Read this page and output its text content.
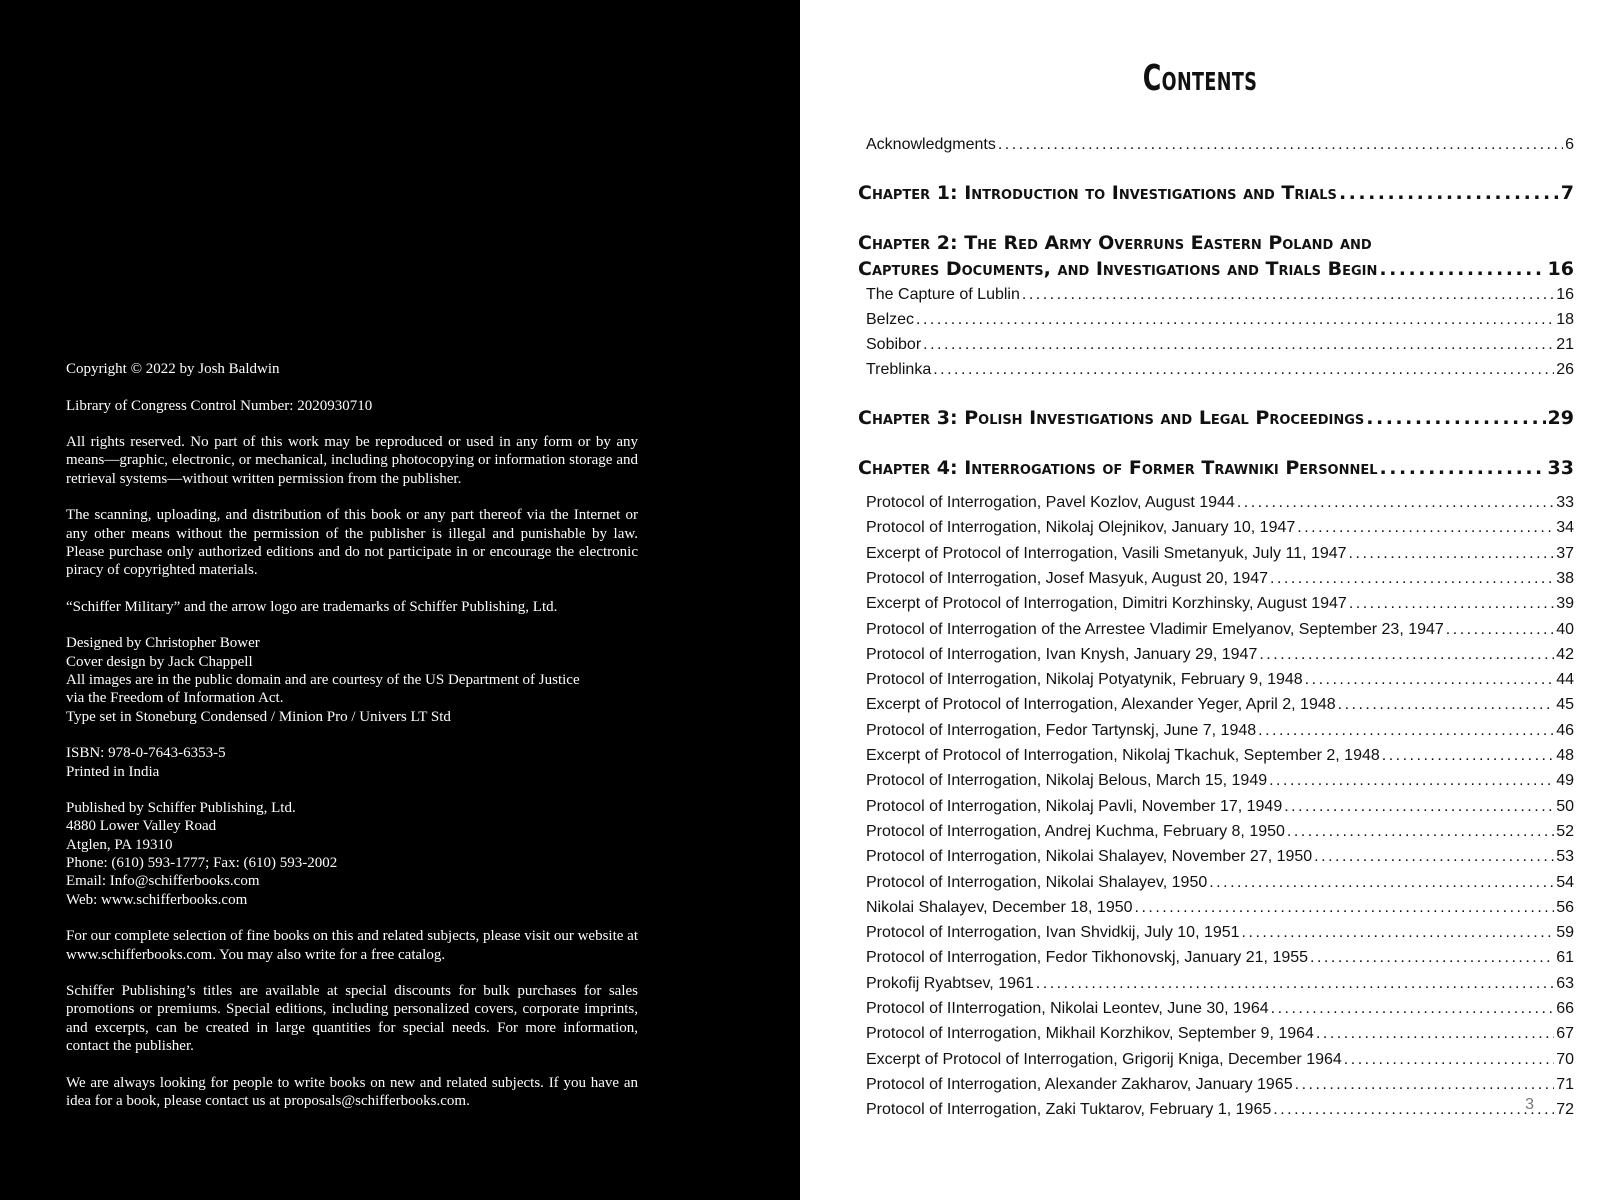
Copyright © 2022 by Josh Baldwin

Library of Congress Control Number: 2020930710

All rights reserved. No part of this work may be reproduced or used in any form or by any means—graphic, electronic, or mechanical, including photocopying or information storage and retrieval systems—without written permission from the publisher.

The scanning, uploading, and distribution of this book or any part thereof via the Internet or any other means without the permission of the publisher is illegal and punishable by law. Please purchase only authorized editions and do not participate in or encourage the electronic piracy of copyrighted materials.

“Schiffer Military” and the arrow logo are trademarks of Schiffer Publishing, Ltd.

Designed by Christopher Bower
Cover design by Jack Chappell
All images are in the public domain and are courtesy of the US Department of Justice
via the Freedom of Information Act.
Type set in Stoneburg Condensed / Minion Pro / Univers LT Std

ISBN: 978-0-7643-6353-5
Printed in India

Published by Schiffer Publishing, Ltd.
4880 Lower Valley Road
Atglen, PA 19310
Phone: (610) 593-1777; Fax: (610) 593-2002
Email: Info@schifferbooks.com
Web: www.schifferbooks.com

For our complete selection of fine books on this and related subjects, please visit our website at www.schifferbooks.com. You may also write for a free catalog.

Schiffer Publishing’s titles are available at special discounts for bulk purchases for sales promotions or premiums. Special editions, including personalized covers, corporate imprints, and excerpts, can be created in large quantities for special needs. For more information, contact the publisher.

We are always looking for people to write books on new and related subjects. If you have an idea for a book, please contact us at proposals@schifferbooks.com.

Contents
Acknowledgments .....	6
Chapter 1: Introduction to Investigations and Trials .....	7
Chapter 2: The Red Army Overruns Eastern Poland and
Captures Documents, and Investigations and Trials Begin .....	16
The Capture of Lublin .....	16
Belzec .....	18
Sobibor .....	21
Treblinka .....	26
Chapter 3: Polish Investigations and Legal Proceedings .....	29
Chapter 4: Interrogations of Former Trawniki Personnel .....	33
Protocol of Interrogation, Pavel Kozlov, August 1944 .....	33
Protocol of Interrogation, Nikolaj Olejnikov, January 10, 1947 .....	34
Excerpt of Protocol of Interrogation, Vasili Smetanyuk, July 11, 1947 .....	37
Protocol of Interrogation, Josef Masyuk, August 20, 1947 .....	38
Excerpt of Protocol of Interrogation, Dimitri Korzhinsky, August 1947 .....	39
Protocol of Interrogation of the Arrestee Vladimir Emelyanov, September 23, 1947 .....	40
Protocol of Interrogation, Ivan Knysh, January 29, 1947 .....	42
Protocol of Interrogation, Nikolaj Potyatynik, February 9, 1948 .....	44
Excerpt of Protocol of Interrogation, Alexander Yeger, April 2, 1948 .....	45
Protocol of Interrogation, Fedor Tartynskj, June 7, 1948 .....	46
Excerpt of Protocol of Interrogation, Nikolaj Tkachuk, September 2, 1948 .....	48
Protocol of Interrogation, Nikolaj Belous, March 15, 1949 .....	49
Protocol of Interrogation, Nikolaj Pavli, November 17, 1949 .....	50
Protocol of Interrogation, Andrej Kuchma, February 8, 1950 .....	52
Protocol of Interrogation, Nikolai Shalayev, November 27, 1950 .....	53
Protocol of Interrogation, Nikolai Shalayev, 1950 .....	54
Nikolai Shalayev, December 18, 1950 .....	56
Protocol of Interrogation, Ivan Shvidkij, July 10, 1951 .....	59
Protocol of Interrogation, Fedor Tikhonovskj, January 21, 1955 .....	61
Prokofij Ryabtsev, 1961 .....	63
Protocol of IInterrogation, Nikolai Leontev, June 30, 1964 .....	66
Protocol of Interrogation, Mikhail Korzhikov, September 9, 1964 .....	67
Excerpt of Protocol of Interrogation, Grigorij Kniga, December 1964 .....	70
Protocol of Interrogation, Alexander Zakharov, January 1965 .....	71
Protocol of Interrogation, Zaki Tuktarov, February 1, 1965 .....	72
3
